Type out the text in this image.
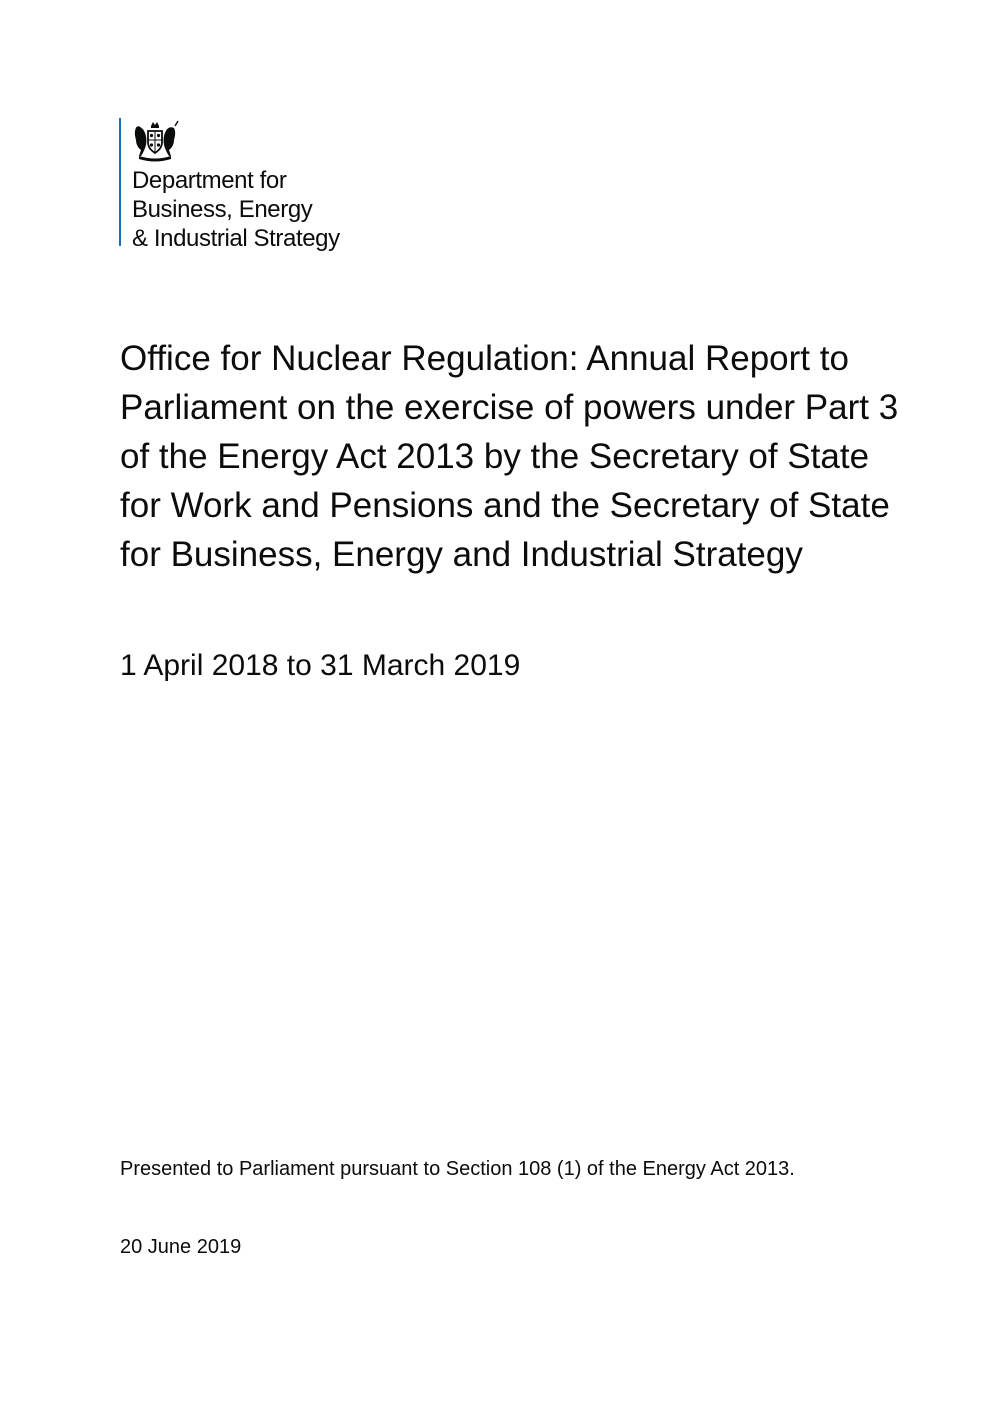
Department for
Business, Energy
& Industrial Strategy

Office for Nuclear Regulation: Annual Report to Parliament on the exercise of powers under Part 3 of the Energy Act 2013 by the Secretary of State for Work and Pensions and the Secretary of State for Business, Energy and Industrial Strategy

1 April 2018 to 31 March 2019

Presented to Parliament pursuant to Section 108 (1) of the Energy Act 2013.

20 June 2019
